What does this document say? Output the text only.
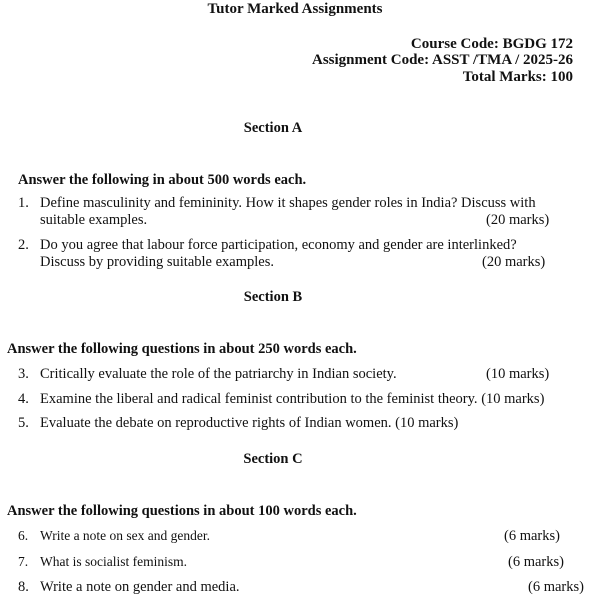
Tutor Marked Assignments
Course Code: BGDG 172
Assignment Code: ASST /TMA / 2025-26
Total Marks: 100
Section A
Answer the following in about 500 words each.
1. Define masculinity and femininity. How it shapes gender roles in India? Discuss with
suitable examples.	(20 marks)
2. Do you agree that labour force participation, economy and gender are interlinked?
Discuss by providing suitable examples.	(20 marks)
Section B
Answer the following questions in about 250 words each.
3. Critically evaluate the role of the patriarchy in Indian society.	(10 marks)
4. Examine the liberal and radical feminist contribution to the feminist theory. (10 marks)
5. Evaluate the debate on reproductive rights of Indian women. (10 marks)
Section C
Answer the following questions in about 100 words each.
6. Write a note on sex and gender.	(6 marks)
7. What is socialist feminism.	(6 marks)
8. Write a note on gender and media.	(6 marks)
